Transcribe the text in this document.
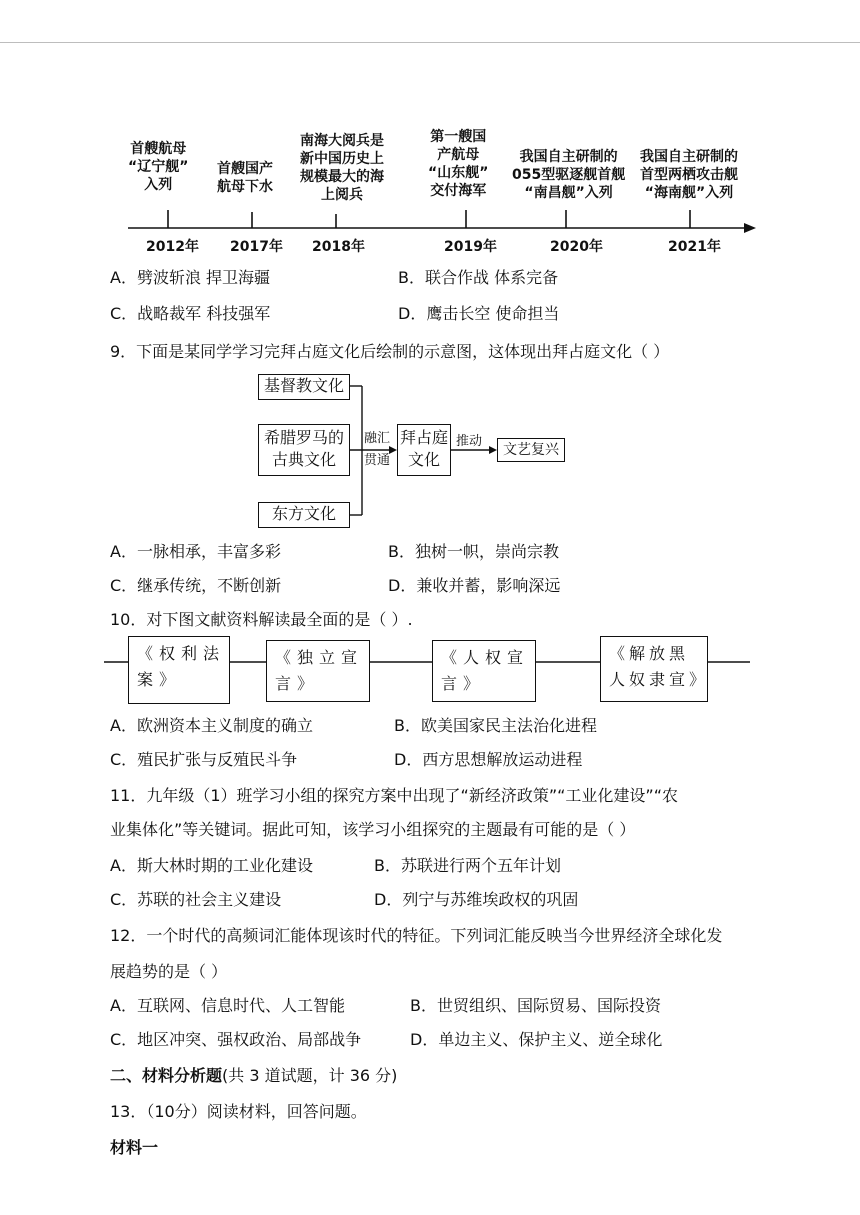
首艘航母
“辽宁舰”
入列
首艘国产
航母下水
南海大阅兵是
新中国历史上
规模最大的海
上阅兵
第一艘国
产航母
“山东舰”
交付海军
我国自主研制的
055型驱逐舰首舰
“南昌舰”入列
我国自主研制的
首型两栖攻击舰
“海南舰”入列
2012年 2017年 2018年	2019年	2020年	2021年
A．劈波斩浪 捍卫海疆	B．联合作战 体系完备
C．战略裁军 科技强军	D．鹰击长空 使命担当
9．下面是某同学学习完拜占庭文化后绘制的示意图，这体现出拜占庭文化（ ）
基督教文化
希腊罗马的
古典文化
东方文化
融汇
贯通
拜占庭
文化
推动
文艺复兴
A．一脉相承，丰富多彩	B．独树一帜，崇尚宗教
C．继承传统，不断创新	D．兼收并蓄，影响深远
10．对下图文献资料解读最全面的是（ ）.
《权利法
案》
《独立宣
言》
《人权宣
言》
《解放黑
人奴隶宣》
A．欧洲资本主义制度的确立	B．欧美国家民主法治化进程
C．殖民扩张与反殖民斗争	D．西方思想解放运动进程
11．九年级（1）班学习小组的探究方案中出现了“新经济政策”“工业化建设”“农
业集体化”等关键词。据此可知，该学习小组探究的主题最有可能的是（ ）
A．斯大林时期的工业化建设	B．苏联进行两个五年计划
C．苏联的社会主义建设	D．列宁与苏维埃政权的巩固
12．一个时代的高频词汇能体现该时代的特征。下列词汇能反映当今世界经济全球化发
展趋势的是（ ）
A．互联网、信息时代、人工智能	B．世贸组织、国际贸易、国际投资
C．地区冲突、强权政治、局部战争	D．单边主义、保护主义、逆全球化
二、材料分析题(共 3 道试题，计 36 分)
13．（10分）阅读材料，回答问题。
材料一
